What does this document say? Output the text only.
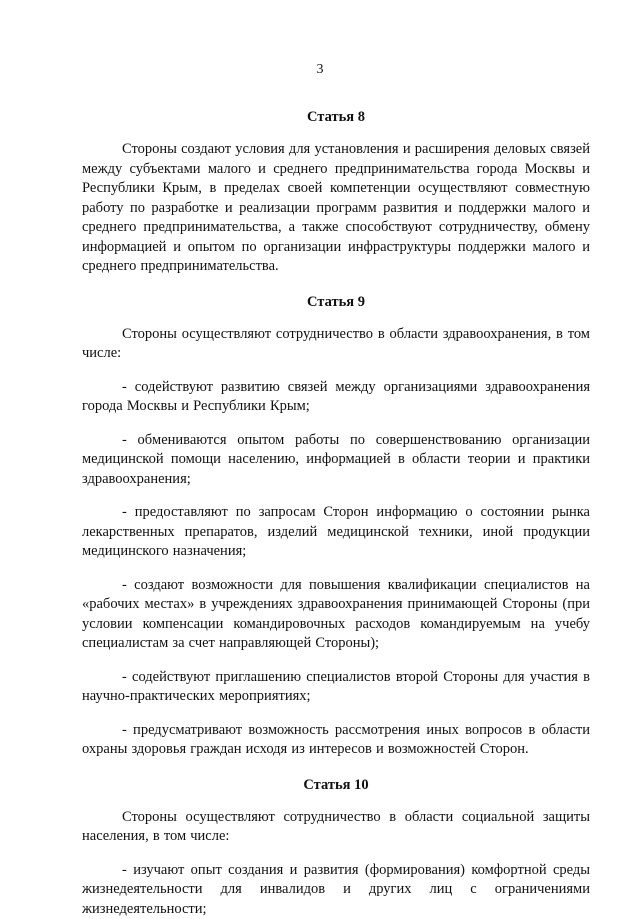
3

Статья 8

Стороны создают условия для установления и расширения деловых связей между субъектами малого и среднего предпринимательства города Москвы и Республики Крым, в пределах своей компетенции осуществляют совместную работу по разработке и реализации программ развития и поддержки малого и среднего предпринимательства, а также способствуют сотрудничеству, обмену информацией и опытом по организации инфраструктуры поддержки малого и среднего предпринимательства.

Статья 9

Стороны осуществляют сотрудничество в области здравоохранения, в том числе:

- содействуют развитию связей между организациями здравоохранения города Москвы и Республики Крым;

- обмениваются опытом работы по совершенствованию организации медицинской помощи населению, информацией в области теории и практики здравоохранения;

- предоставляют по запросам Сторон информацию о состоянии рынка лекарственных препаратов, изделий медицинской техники, иной продукции медицинского назначения;

- создают возможности для повышения квалификации специалистов на «рабочих местах» в учреждениях здравоохранения принимающей Стороны (при условии компенсации командировочных расходов командируемым на учебу специалистам за счет направляющей Стороны);

- содействуют приглашению специалистов второй Стороны для участия в научно-практических мероприятиях;

- предусматривают возможность рассмотрения иных вопросов в области охраны здоровья граждан исходя из интересов и возможностей Сторон.

Статья 10

Стороны осуществляют сотрудничество в области социальной защиты населения, в том числе:

- изучают опыт создания и развития (формирования) комфортной среды жизнедеятельности для инвалидов и других лиц с ограничениями жизнедеятельности;
